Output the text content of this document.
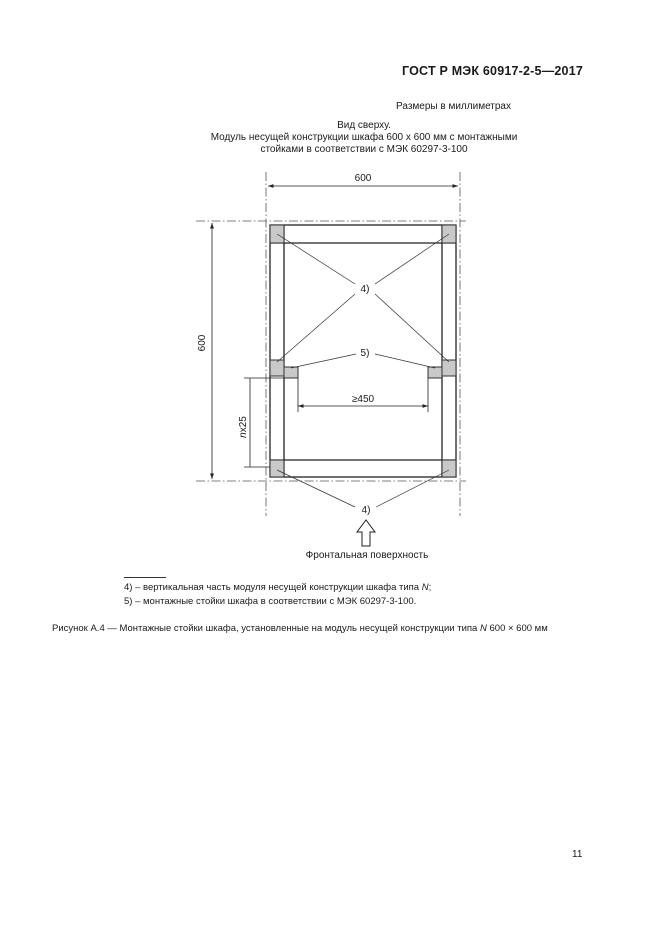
ГОСТ Р МЭК 60917-2-5—2017
Размеры в миллиметрах
Вид сверху.
Модуль несущей конструкции шкафа 600 x 600 мм с монтажными
стойками в соответствии с МЭК 60297-3-100
600
600
≥450
nx25
4)
5)
4)
Фронтальная поверхность
4) – вертикальная часть модуля несущей конструкции шкафа типа N;
5) – монтажные стойки шкафа в соответствии с МЭК 60297-3-100.
Рисунок А.4 — Монтажные стойки шкафа, установленные на модуль несущей конструкции типа N 600 × 600 мм
11
